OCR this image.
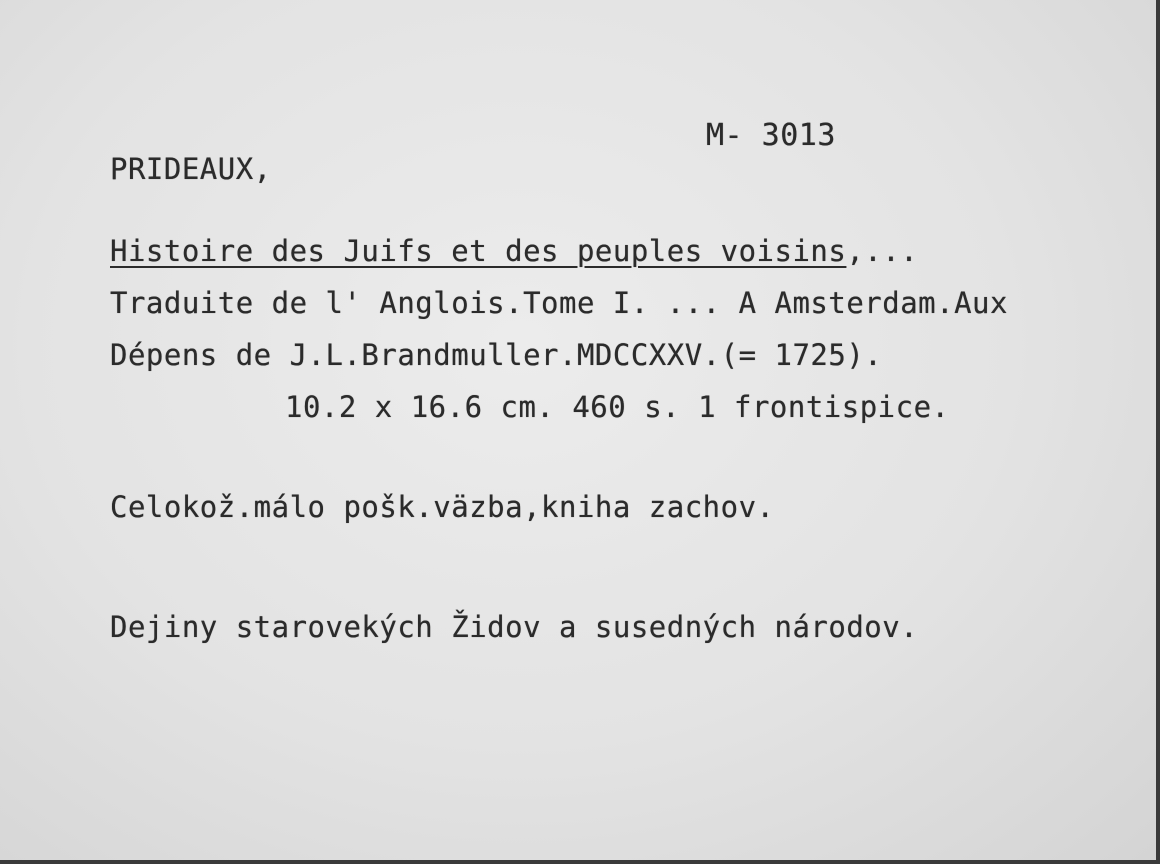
M- 3013
PRIDEAUX,
Histoire des Juifs et des peuples voisins,...
Traduite de l' Anglois.Tome I. ... A Amsterdam.Aux
Dépens de J.L.Brandmuller.MDCCXXV.(= 1725).
10.2 x 16.6 cm. 460 s. 1 frontispice.
Celokož.málo pošk.väzba,kniha zachov.
Dejiny starovekých Židov a susedných národov.
